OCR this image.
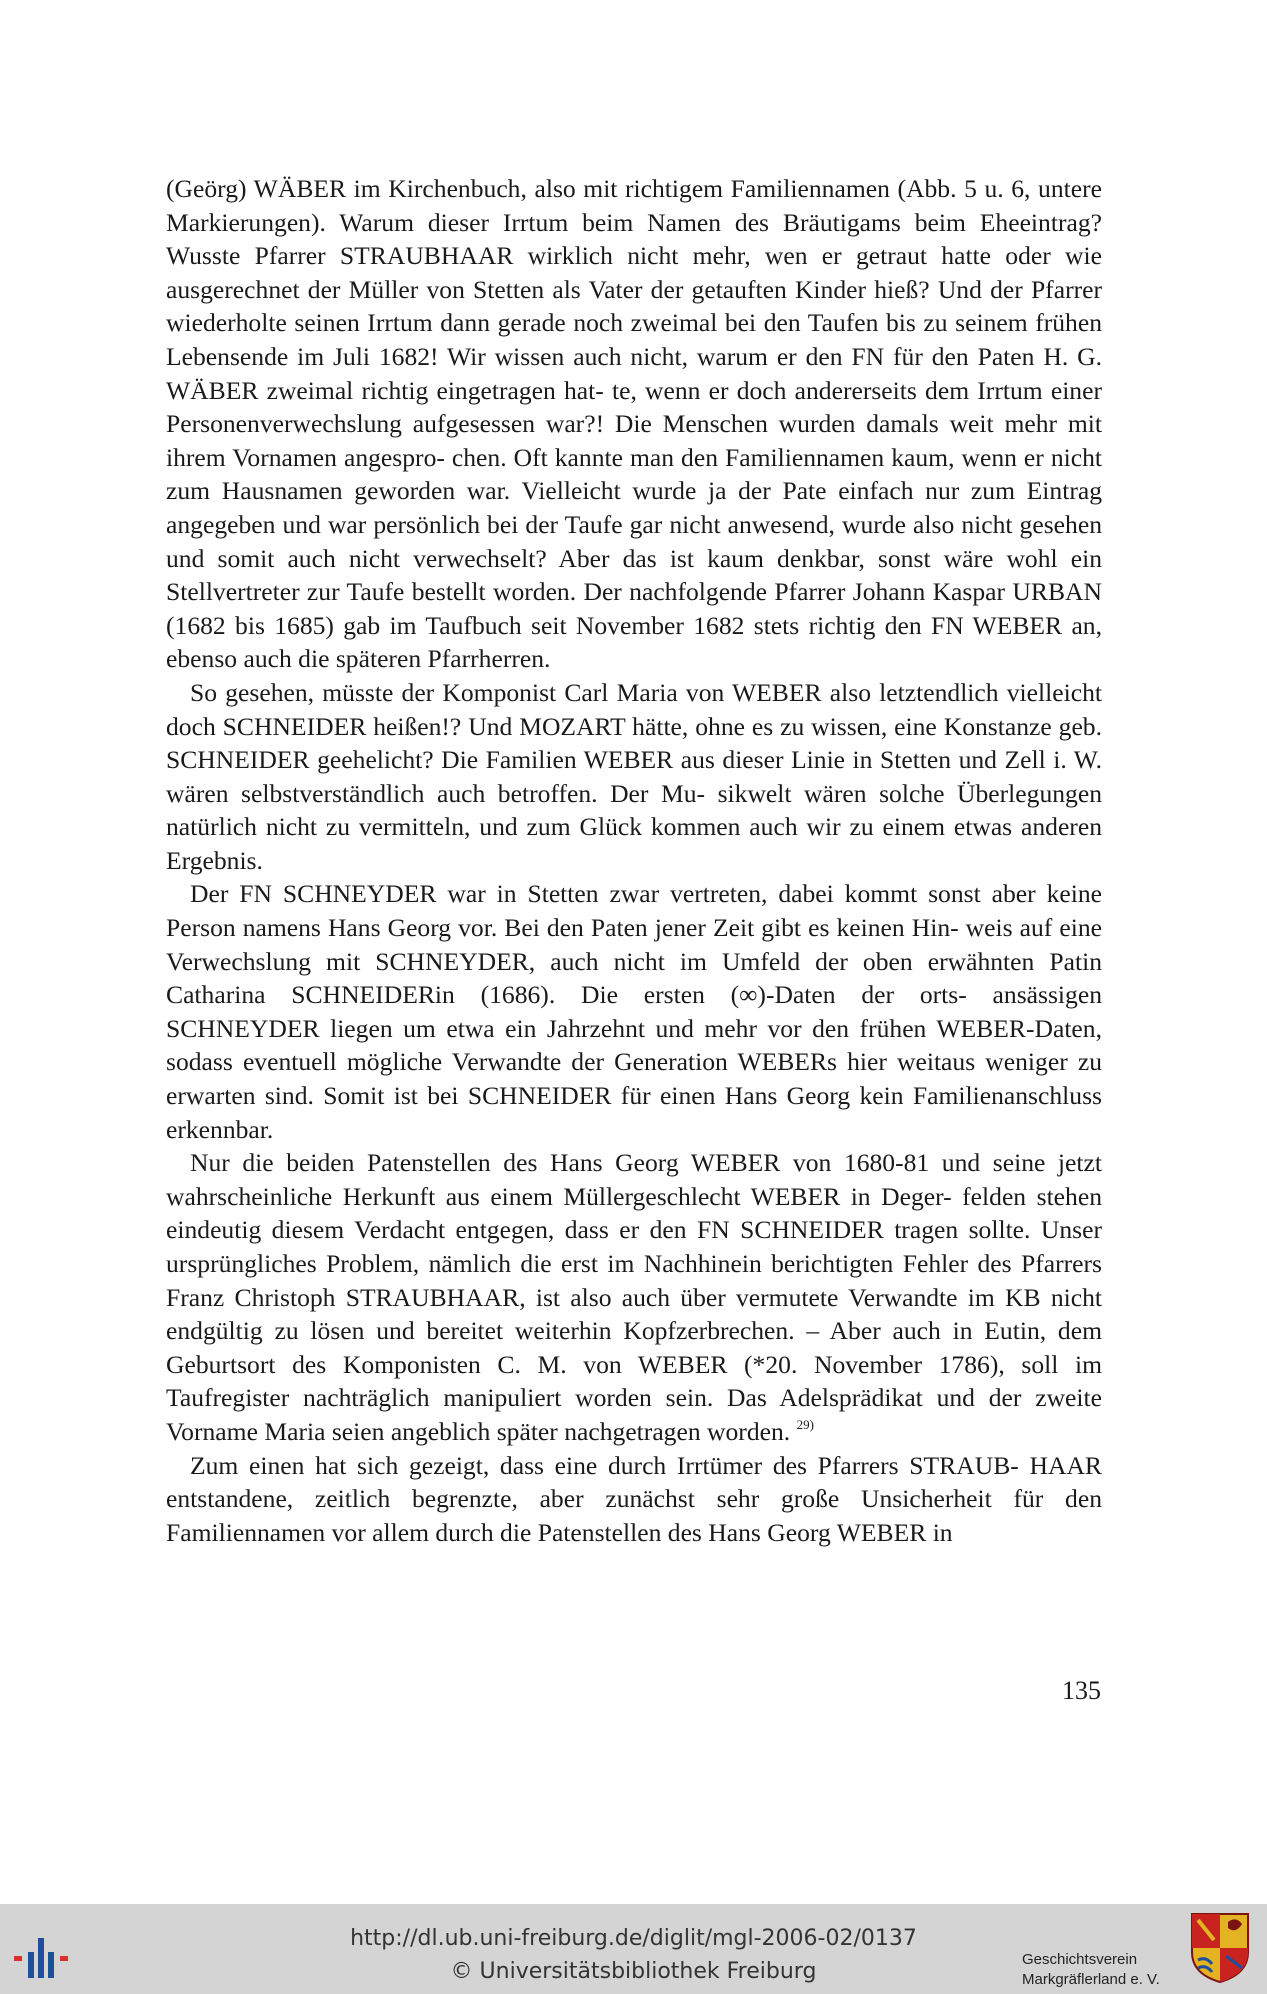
(Geörg) WÄBER im Kirchenbuch, also mit richtigem Familiennamen (Abb. 5 u. 6, untere Markierungen). Warum dieser Irrtum beim Namen des Bräutigams beim Eheeintrag? Wusste Pfarrer STRAUBHAAR wirklich nicht mehr, wen er getraut hatte oder wie ausgerechnet der Müller von Stetten als Vater der getauften Kinder hieß? Und der Pfarrer wiederholte seinen Irrtum dann gerade noch zweimal bei den Taufen bis zu seinem frühen Lebensende im Juli 1682! Wir wissen auch nicht, warum er den FN für den Paten H. G. WÄBER zweimal richtig eingetragen hat- te, wenn er doch andererseits dem Irrtum einer Personenverwechslung aufgesessen war?! Die Menschen wurden damals weit mehr mit ihrem Vornamen angespro- chen. Oft kannte man den Familiennamen kaum, wenn er nicht zum Hausnamen geworden war. Vielleicht wurde ja der Pate einfach nur zum Eintrag angegeben und war persönlich bei der Taufe gar nicht anwesend, wurde also nicht gesehen und somit auch nicht verwechselt? Aber das ist kaum denkbar, sonst wäre wohl ein Stellvertreter zur Taufe bestellt worden. Der nachfolgende Pfarrer Johann Kaspar URBAN (1682 bis 1685) gab im Taufbuch seit November 1682 stets richtig den FN WEBER an, ebenso auch die späteren Pfarrherren.

So gesehen, müsste der Komponist Carl Maria von WEBER also letztendlich vielleicht doch SCHNEIDER heißen!? Und MOZART hätte, ohne es zu wissen, eine Konstanze geb. SCHNEIDER geehelicht? Die Familien WEBER aus dieser Linie in Stetten und Zell i. W. wären selbstverständlich auch betroffen. Der Mu- sikwelt wären solche Überlegungen natürlich nicht zu vermitteln, und zum Glück kommen auch wir zu einem etwas anderen Ergebnis.

Der FN SCHNEYDER war in Stetten zwar vertreten, dabei kommt sonst aber keine Person namens Hans Georg vor. Bei den Paten jener Zeit gibt es keinen Hin- weis auf eine Verwechslung mit SCHNEYDER, auch nicht im Umfeld der oben erwähnten Patin Catharina SCHNEIDERin (1686). Die ersten (∞)-Daten der orts- ansässigen SCHNEYDER liegen um etwa ein Jahrzehnt und mehr vor den frühen WEBER-Daten, sodass eventuell mögliche Verwandte der Generation WEBERs hier weitaus weniger zu erwarten sind. Somit ist bei SCHNEIDER für einen Hans Georg kein Familienanschluss erkennbar.

Nur die beiden Patenstellen des Hans Georg WEBER von 1680-81 und seine jetzt wahrscheinliche Herkunft aus einem Müllergeschlecht WEBER in Deger- felden stehen eindeutig diesem Verdacht entgegen, dass er den FN SCHNEIDER tragen sollte. Unser ursprüngliches Problem, nämlich die erst im Nachhinein berichtigten Fehler des Pfarrers Franz Christoph STRAUBHAAR, ist also auch über vermutete Verwandte im KB nicht endgültig zu lösen und bereitet weiterhin Kopfzerbrechen. – Aber auch in Eutin, dem Geburtsort des Komponisten C. M. von WEBER (*20. November 1786), soll im Taufregister nachträglich manipuliert worden sein. Das Adelsprädikat und der zweite Vorname Maria seien angeblich später nachgetragen worden. $^{29)}$

Zum einen hat sich gezeigt, dass eine durch Irrtümer des Pfarrers STRAUB- HAAR entstandene, zeitlich begrenzte, aber zunächst sehr große Unsicherheit für den Familiennamen vor allem durch die Patenstellen des Hans Georg WEBER in

135
http://dl.ub.uni-freiburg.de/diglit/mgl-2006-02/0137
© Universitätsbibliothek Freiburg	Geschichtsverein
Markgräflerland e. V.
